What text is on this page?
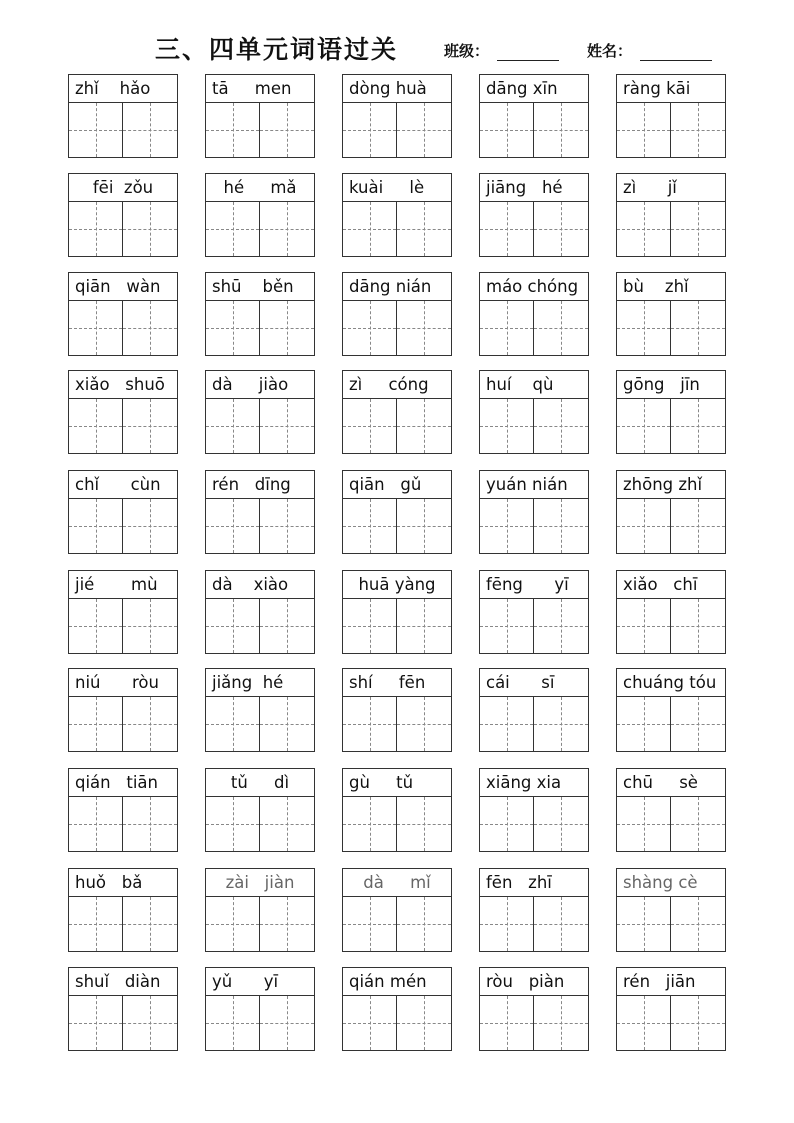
三、四单元词语过关	班级：	姓名：
zhǐ    hǎo	tā     men	dòng huà	dāng xīn	ràng kāi
fēi  zǒu	hé     mǎ	kuài     lè	jiāng   hé	zì      jǐ
qiān   wàn	shū    běn	dāng nián	máo chóng	bù    zhǐ
xiǎo   shuō	dà     jiào	zì     cóng	huí    qù	gōng   jīn
chǐ      cùn	rén   dīng	qiān   gǔ	yuán nián	zhōng zhǐ
jié       mù	dà    xiào	huā yàng	fēng      yī	xiǎo   chī
niú      ròu	jiǎng  hé	shí     fēn	cái      sī	chuáng tóu
qián   tiān	tǔ     dì	gù     tǔ	xiāng xia	chū     sè
huǒ   bǎ	zài   jiàn	dà     mǐ	fēn   zhī	shàng cè
shuǐ   diàn	yǔ      yī	qián mén	ròu   piàn	rén   jiān
